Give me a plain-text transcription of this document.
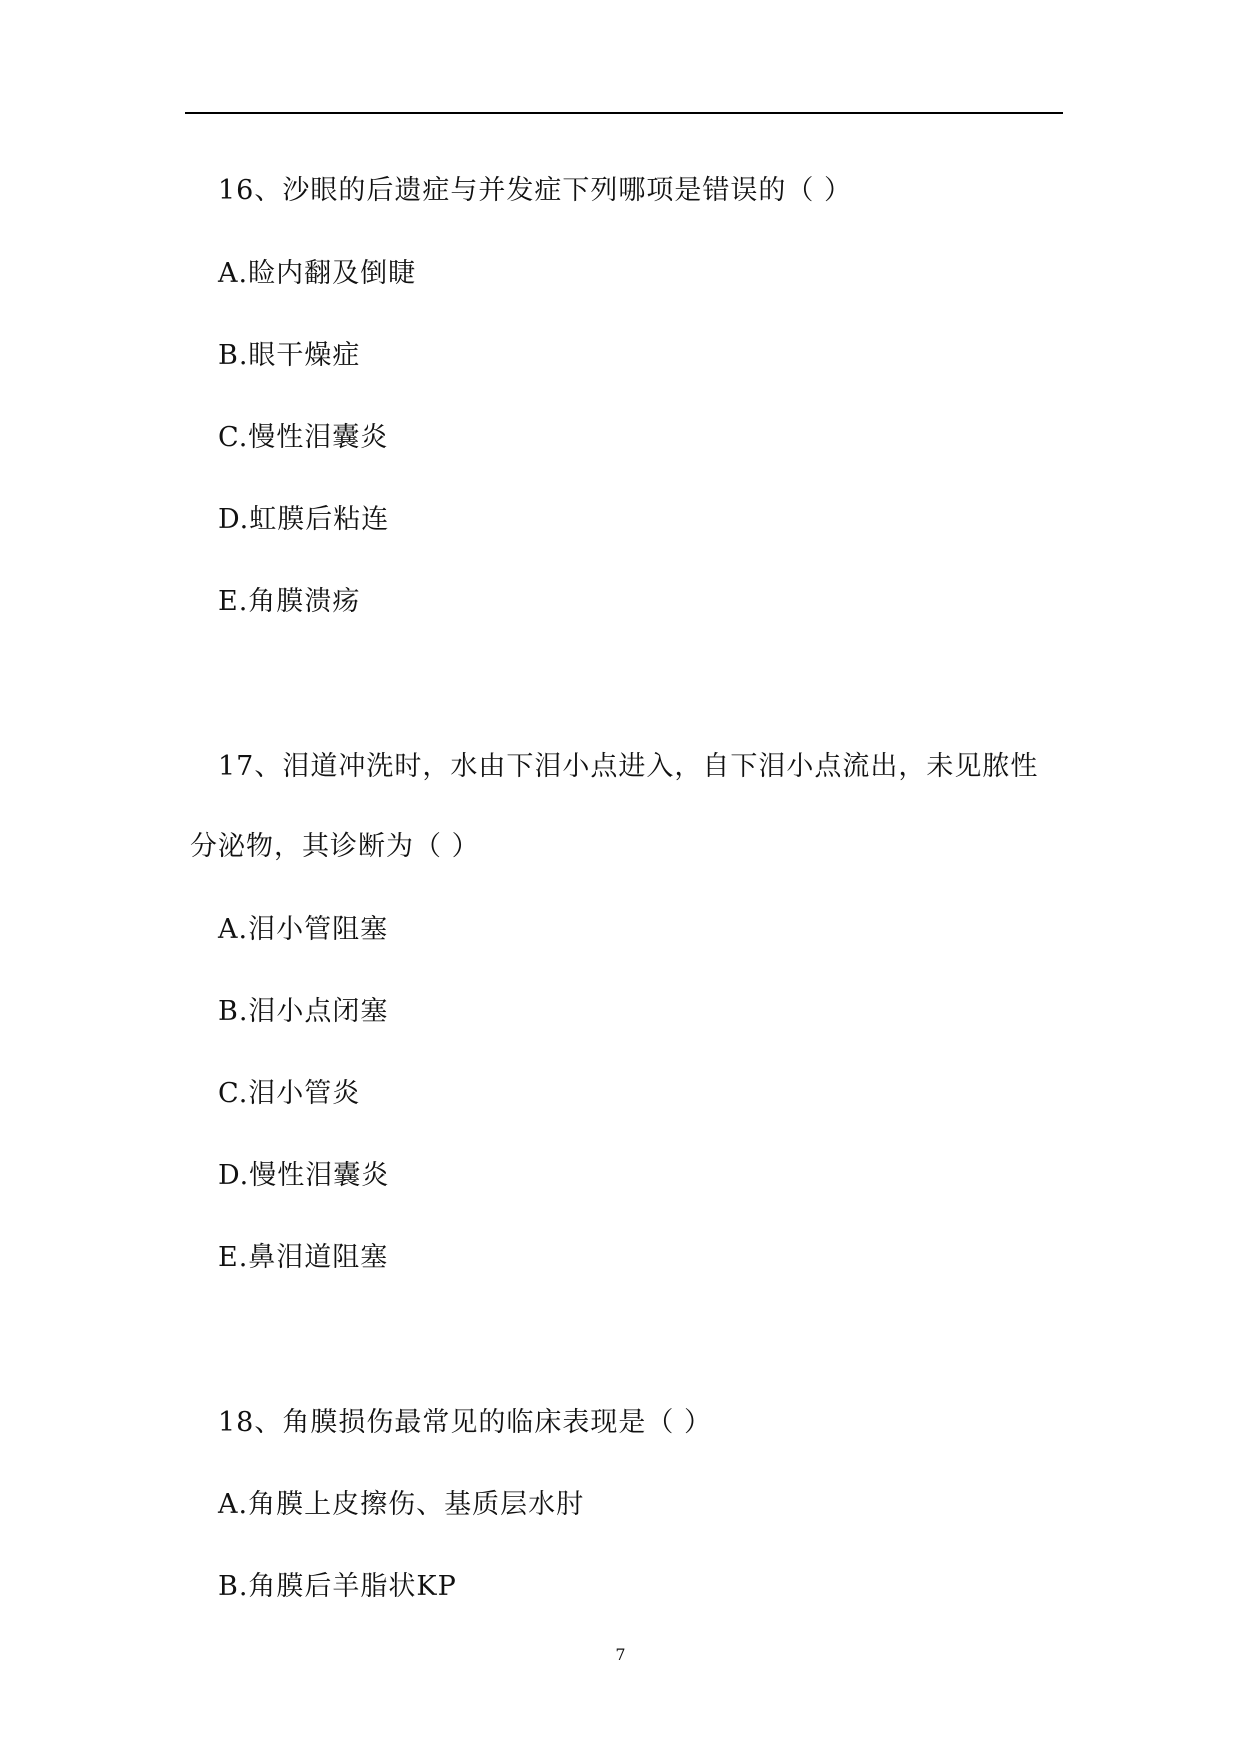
16、沙眼的后遗症与并发症下列哪项是错误的（ ）
A.睑内翻及倒睫
B.眼干燥症
C.慢性泪囊炎
D.虹膜后粘连
E.角膜溃疡
17、泪道冲洗时，水由下泪小点进入，自下泪小点流出，未见脓性
分泌物，其诊断为（ ）
A.泪小管阻塞
B.泪小点闭塞
C.泪小管炎
D.慢性泪囊炎
E.鼻泪道阻塞
18、角膜损伤最常见的临床表现是（ ）
A.角膜上皮擦伤、基质层水肘
B.角膜后羊脂状KP
7
